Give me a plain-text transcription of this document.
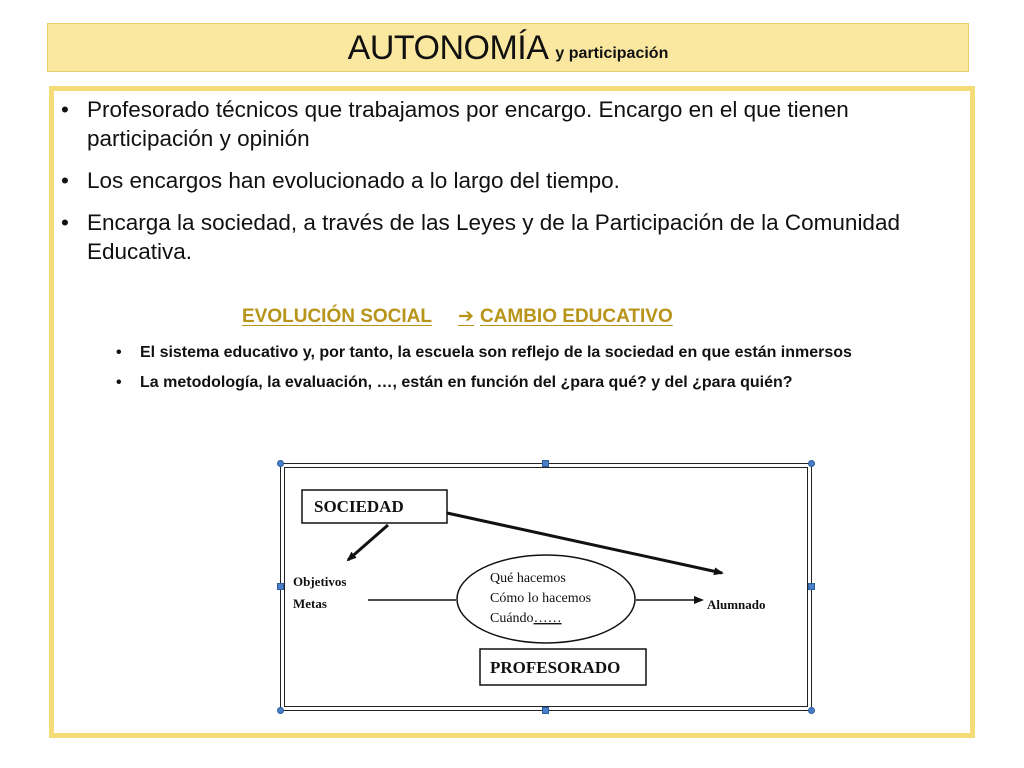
AUTONOMÍA y participación
• Profesorado técnicos que trabajamos por encargo. Encargo en el que tienen participación y opinión
• Los encargos han evolucionado a lo largo del tiempo.
• Encarga la sociedad, a través de las Leyes y de la Participación de la Comunidad Educativa.
EVOLUCIÓN SOCIAL ➔ CAMBIO EDUCATIVO
• El sistema educativo y, por tanto, la escuela son reflejo de la sociedad en que están inmersos
• La metodología, la evaluación, …, están en función del ¿para qué? y del ¿para quién?
SOCIEDAD
Objetivos
Metas
Qué hacemos
Cómo lo hacemos
Cuándo……
Alumnado
PROFESORADO
